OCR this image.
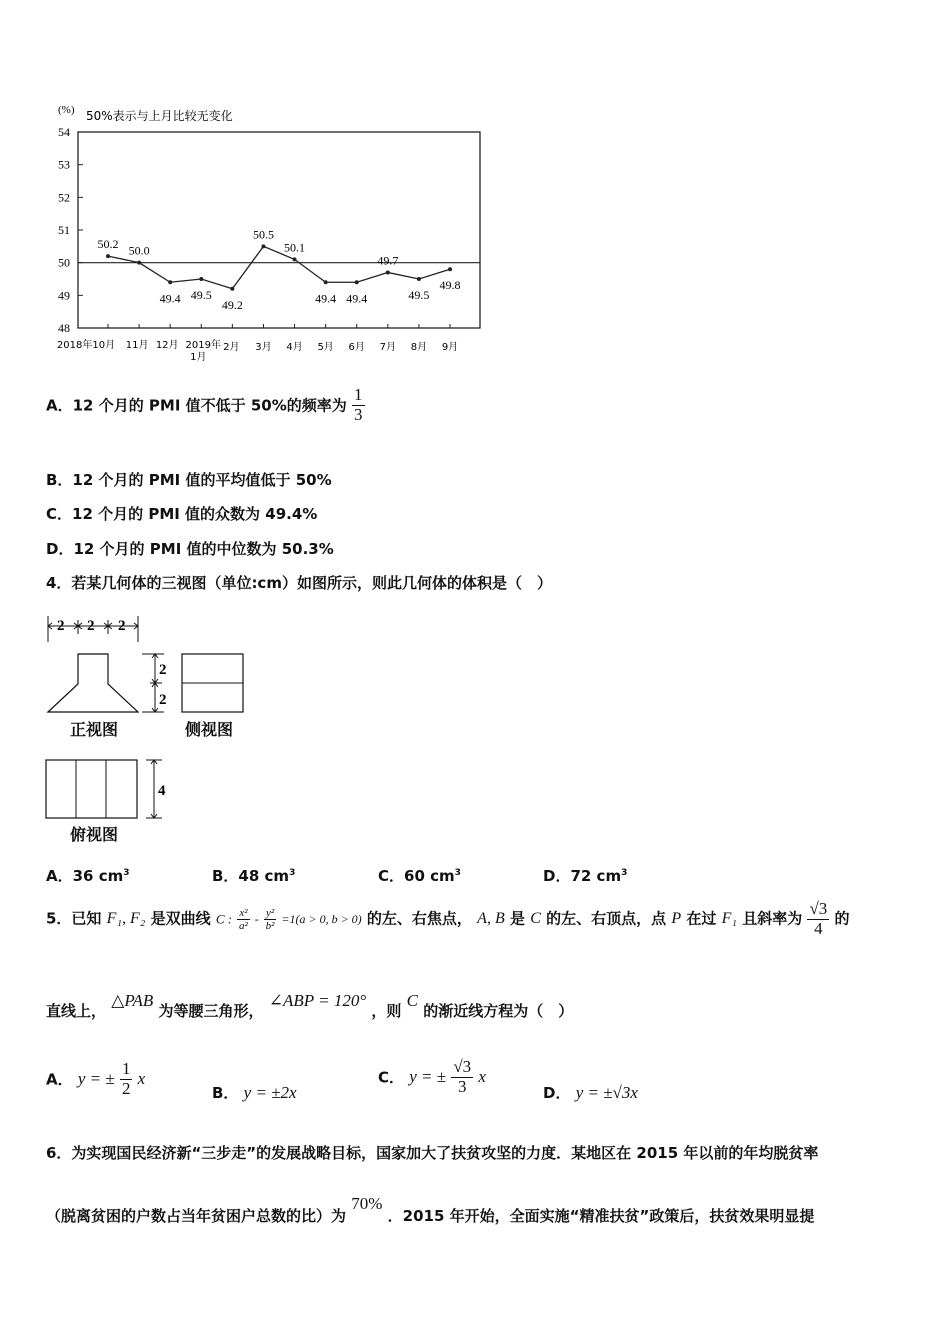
(%) 50%表示与上月比较无变化
54
53
52
51
50
49
48
50.2 50.0
49.4 49.5
49.2
50.5
50.1
49.4 49.4
49.7
49.5
49.8
2018年10月 11月 12月 2019年
1月
2月 3月 4月 5月 6月 7月 8月 9月
A．12 个月的 PMI 值不低于 50%的频率为 $\frac{1}{3}$
B．12 个月的 PMI 值的平均值低于 50%
C．12 个月的 PMI 值的众数为 49.4%
D．12 个月的 PMI 值的中位数为 50.3%
4．若某几何体的三视图（单位:cm）如图所示，则此几何体的体积是（　）
2 2 2
2
2
4
正视图	侧视图
俯视图
A．36 $cm^3$	B．48 $cm^3$	C．60 $cm^3$	D．72 $cm^3$
5．已知 F₁, F₂ 是双曲线 C : $\frac{\text{x²}}{\text{a²}} - \frac{\text{y²}}{\text{b²}} =1(a > 0$, b > 0) 的左、右焦点， A, B 是 C 的左、右顶点，点 P 在过 F₁ 且斜率为 $\frac{√3}{4}$ 的
直线上， △PAB 为等腰三角形， ∠ABP = 120° ，则 C 的渐近线方程为（　）
A． y = ± $\frac{1}{2}$ x
B． y = ±2x
C． y = ± $\frac{√3}{3}$ x
D． y = ±√3x
6．为实现国民经济新“三步走”的发展战略目标，国家加大了扶贫攻坚的力度．某地区在 2015 年以前的年均脱贫率
（脱离贫困的户数占当年贫困户总数的比）为 70% ．2015 年开始，全面实施“精准扶贫”政策后，扶贫效果明显提
